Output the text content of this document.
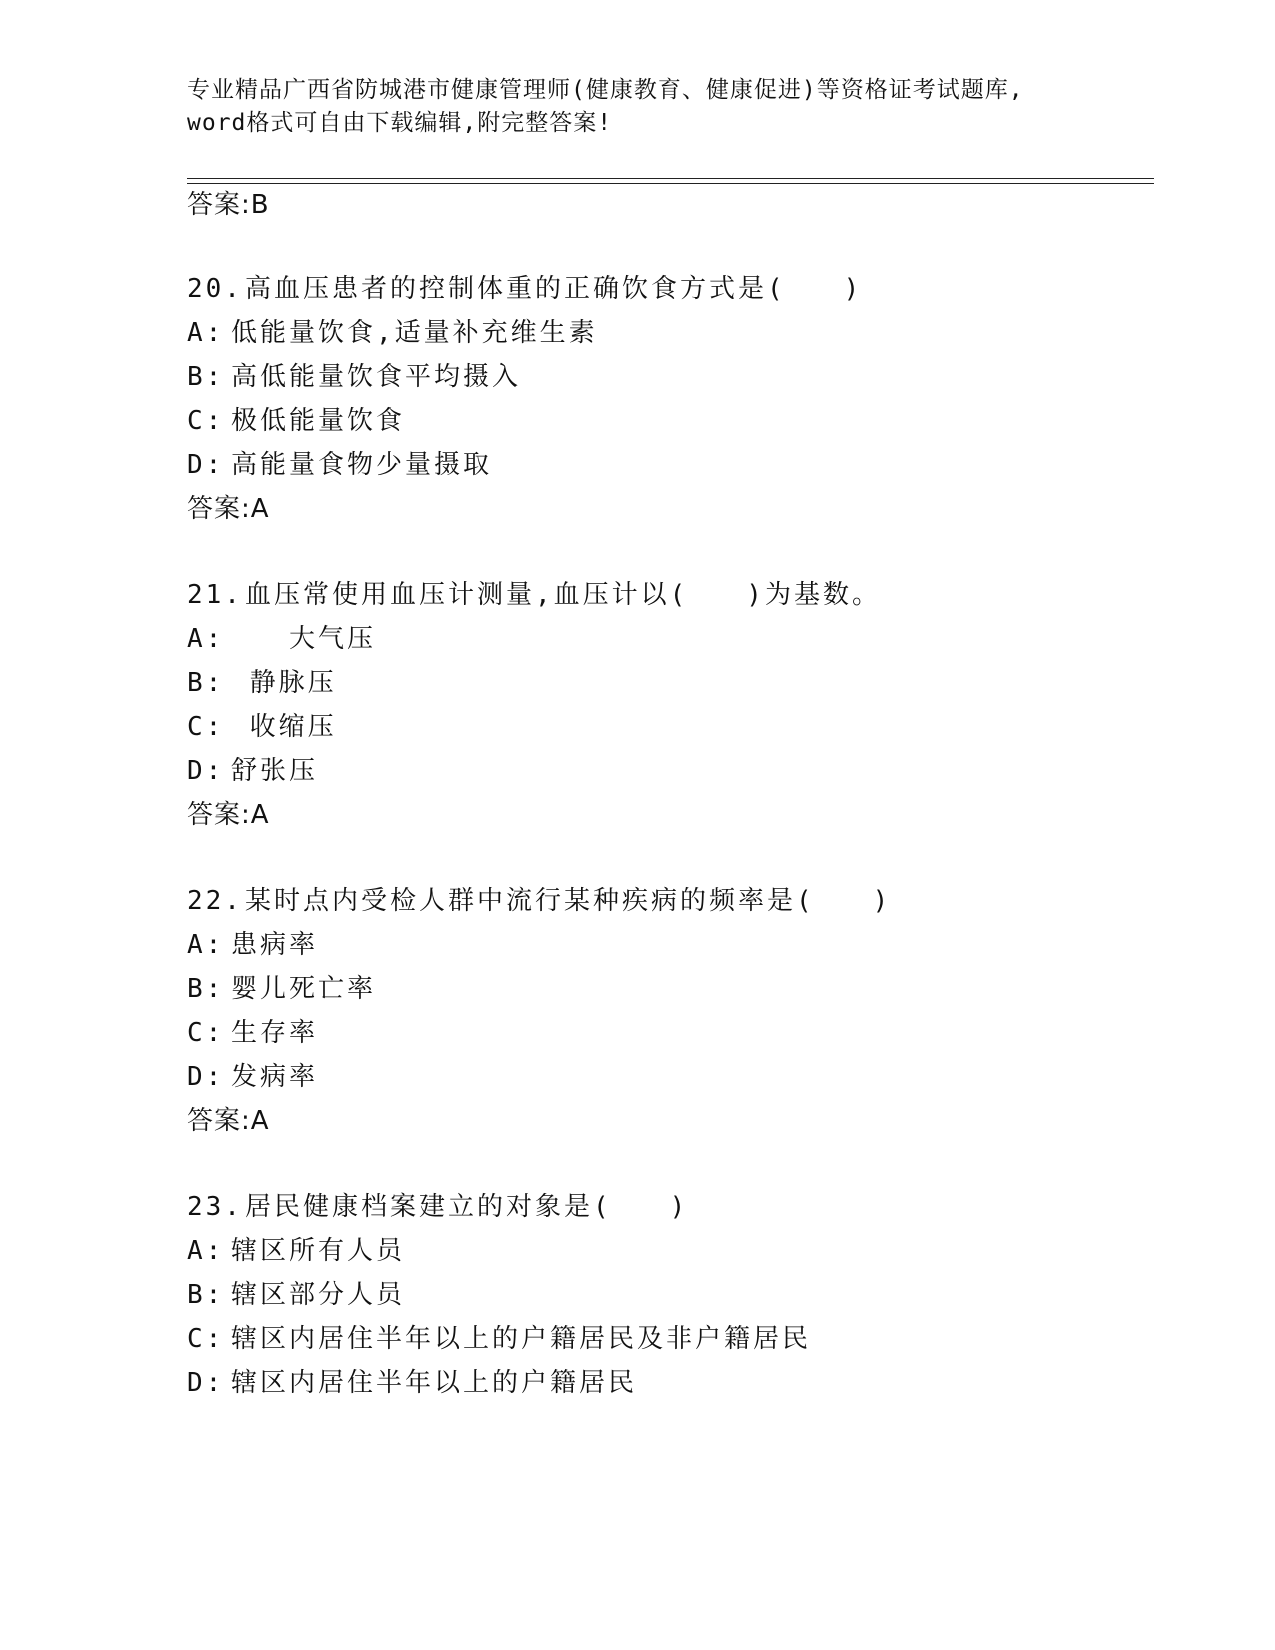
专业精品广西省防城港市健康管理师(健康教育、健康促进)等资格证考试题库,
word格式可自由下载编辑,附完整答案!
答案:B
20.高血压患者的控制体重的正确饮食方式是(　　)
A: 低能量饮食,适量补充维生素
B: 高低能量饮食平均摄入
C: 极低能量饮食
D: 高能量食物少量摄取
答案:A
21.血压常使用血压计测量,血压计以(　　)为基数。
A:　　大气压
B: 静脉压
C: 收缩压
D: 舒张压
答案:A
22.某时点内受检人群中流行某种疾病的频率是(　　)
A: 患病率
B: 婴儿死亡率
C: 生存率
D: 发病率
答案:A
23.居民健康档案建立的对象是(　　)
A: 辖区所有人员
B: 辖区部分人员
C: 辖区内居住半年以上的户籍居民及非户籍居民
D: 辖区内居住半年以上的户籍居民
